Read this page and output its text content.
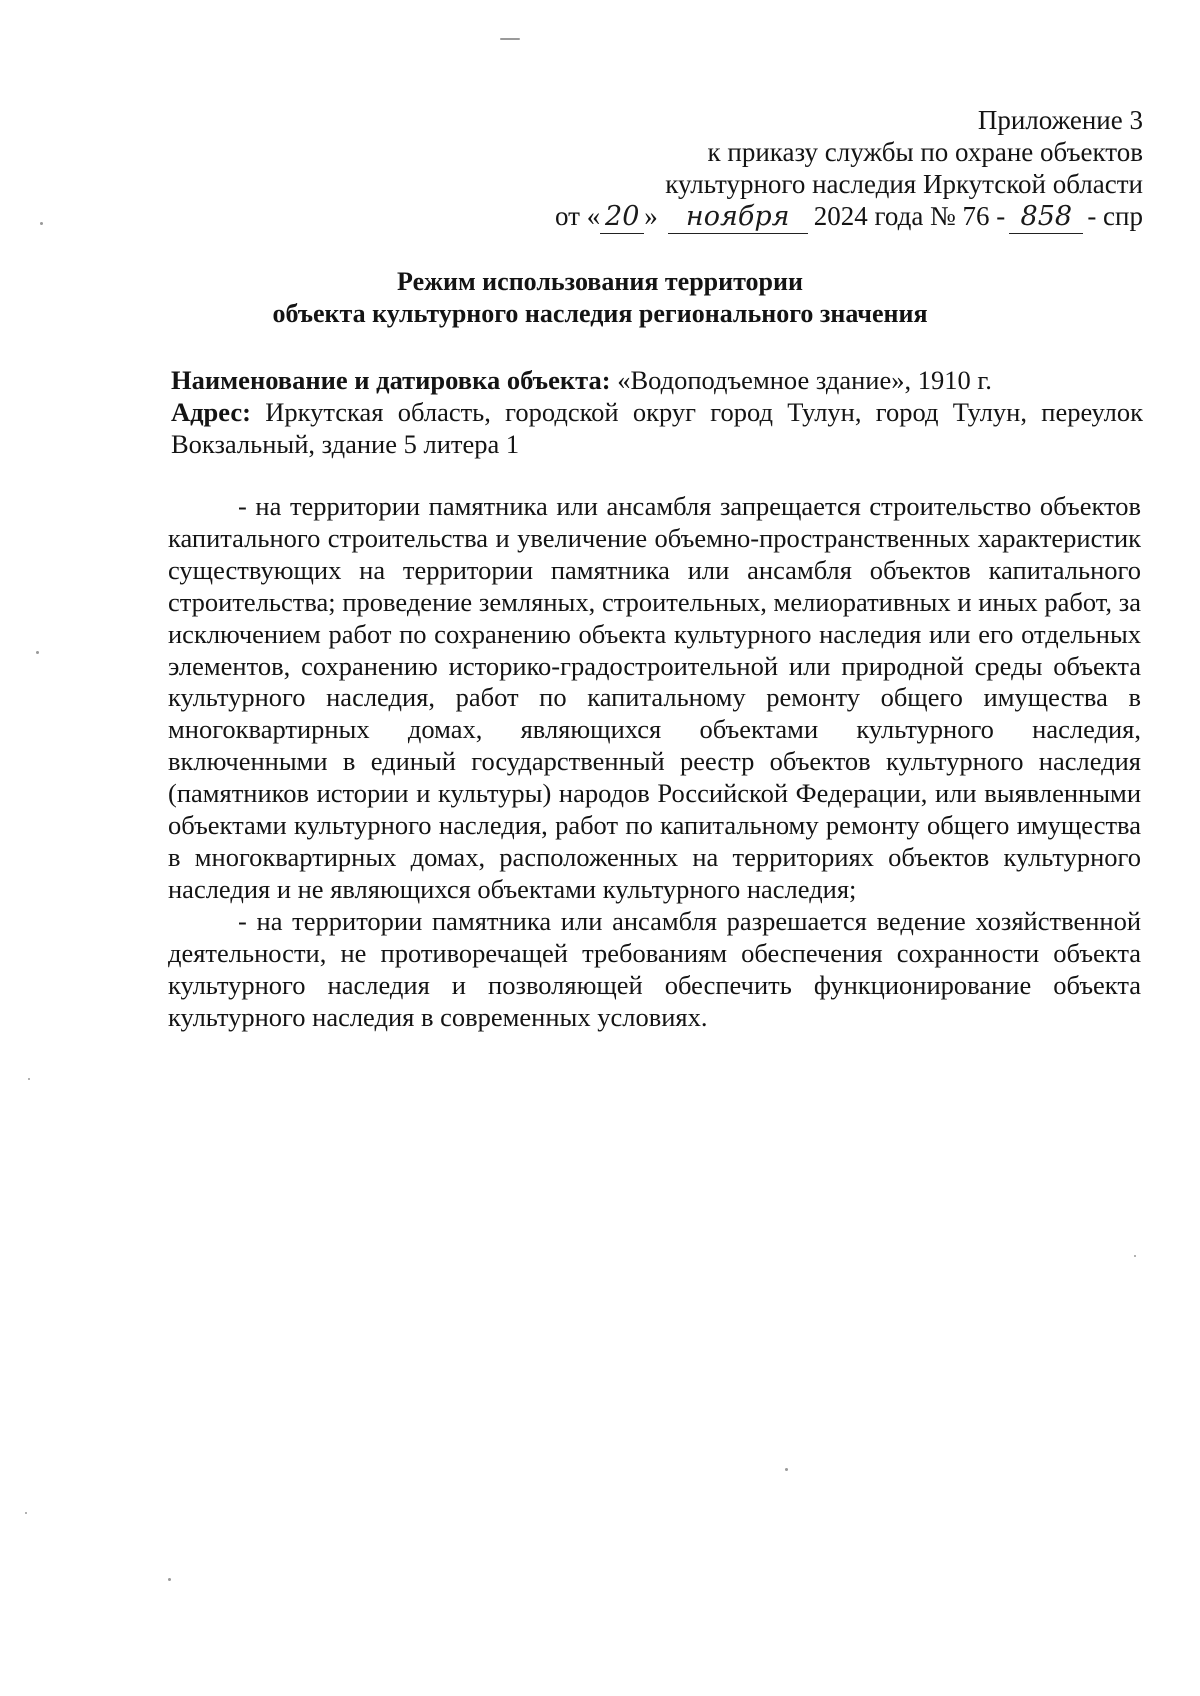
Приложение 3
к приказу службы по охране объектов
культурного наследия Иркутской области
от « 20 » ноября 2024 года № 76 - 858 - спр
Режим использования территории
объекта культурного наследия регионального значения

Наименование и датировка объекта: «Водоподъемное здание», 1910 г.

Адрес: Иркутская область, городской округ город Тулун, город Тулун, переулок Вокзальный, здание 5 литера 1

- на территории памятника или ансамбля запрещается строительство объектов капитального строительства и увеличение объемно-пространственных характеристик существующих на территории памятника или ансамбля объектов капитального строительства; проведение земляных, строительных, мелиоративных и иных работ, за исключением работ по сохранению объекта культурного наследия или его отдельных элементов, сохранению историко-градостроительной или природной среды объекта культурного наследия, работ по капитальному ремонту общего имущества в многоквартирных домах, являющихся объектами культурного наследия, включенными в единый государственный реестр объектов культурного наследия (памятников истории и культуры) народов Российской Федерации, или выявленными объектами культурного наследия, работ по капитальному ремонту общего имущества в многоквартирных домах, расположенных на территориях объектов культурного наследия и не являющихся объектами культурного наследия;

- на территории памятника или ансамбля разрешается ведение хозяйственной деятельности, не противоречащей требованиям обеспечения сохранности объекта культурного наследия и позволяющей обеспечить функционирование объекта культурного наследия в современных условиях.
